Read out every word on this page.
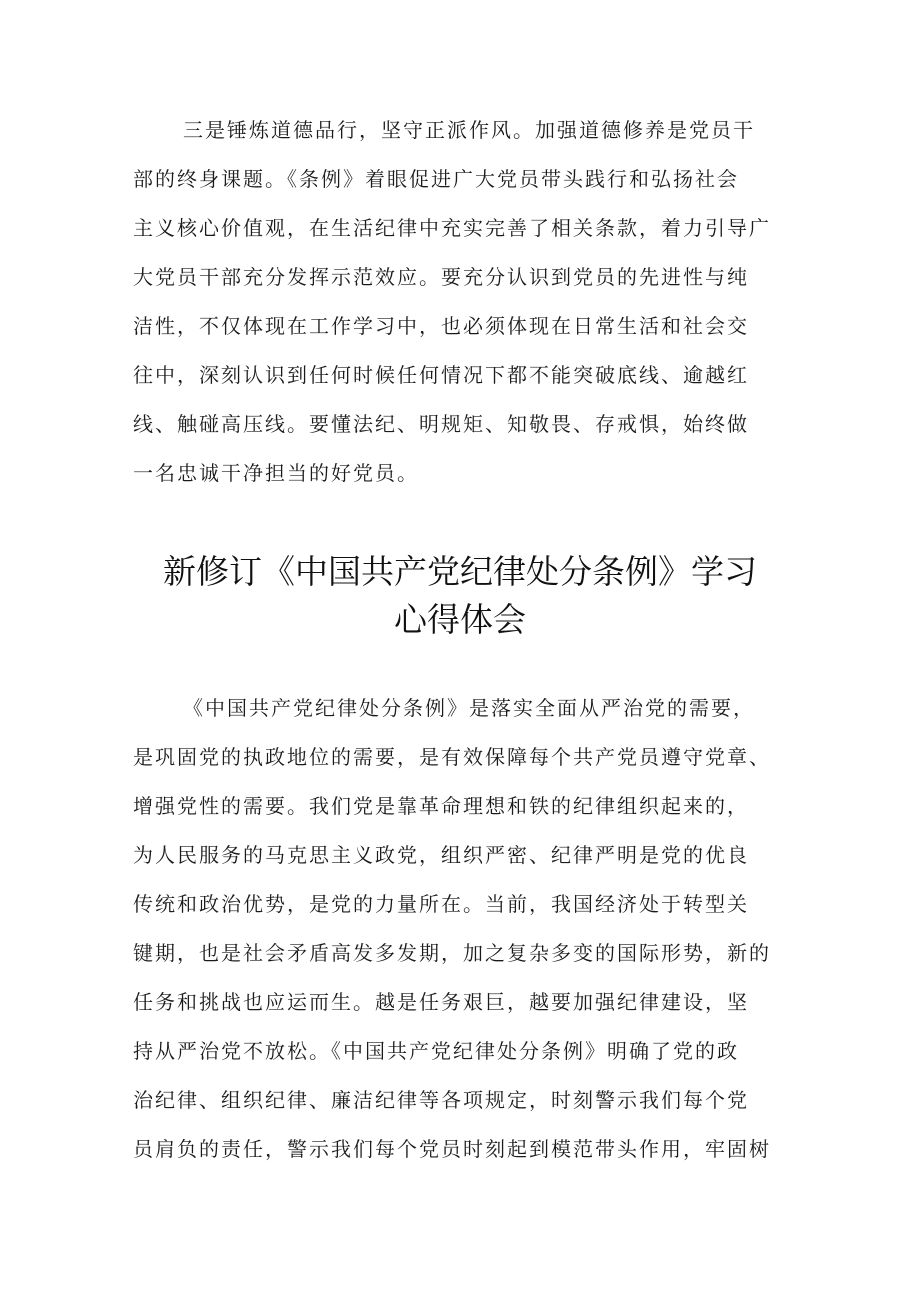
三是锤炼道德品行，坚守正派作风。加强道德修养是党员干
部的终身课题。《条例》着眼促进广大党员带头践行和弘扬社会
主义核心价值观，在生活纪律中充实完善了相关条款，着力引导广
大党员干部充分发挥示范效应。要充分认识到党员的先进性与纯
洁性，不仅体现在工作学习中，也必须体现在日常生活和社会交
往中，深刻认识到任何时候任何情况下都不能突破底线、逾越红
线、触碰高压线。要懂法纪、明规矩、知敬畏、存戒惧，始终做
一名忠诚干净担当的好党员。
新修订《中国共产党纪律处分条例》学习
心得体会
《中国共产党纪律处分条例》是落实全面从严治党的需要，
是巩固党的执政地位的需要，是有效保障每个共产党员遵守党章、
增强党性的需要。我们党是靠革命理想和铁的纪律组织起来的，
为人民服务的马克思主义政党，组织严密、纪律严明是党的优良
传统和政治优势，是党的力量所在。当前，我国经济处于转型关
键期，也是社会矛盾高发多发期，加之复杂多变的国际形势，新的
任务和挑战也应运而生。越是任务艰巨，越要加强纪律建设，坚
持从严治党不放松。《中国共产党纪律处分条例》明确了党的政
治纪律、组织纪律、廉洁纪律等各项规定，时刻警示我们每个党
员肩负的责任，警示我们每个党员时刻起到模范带头作用，牢固树
